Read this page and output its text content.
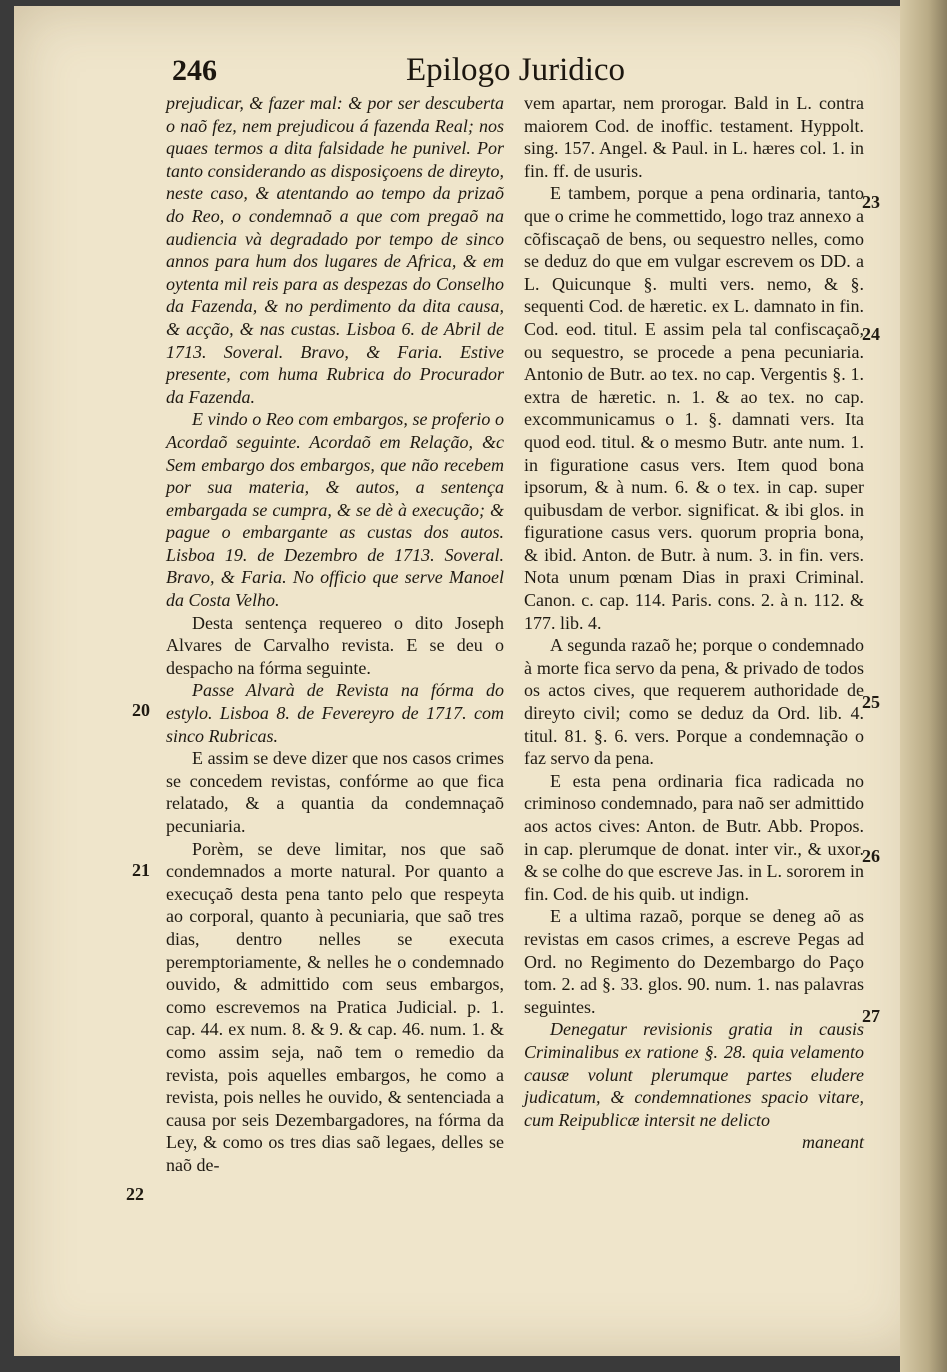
246	Epilogo Juridico

prejudicar, & fazer mal: & por ser descuberta o naõ fez, nem prejudicou á fazenda Real; nos quaes termos a dita falsidade he punivel. Por tanto considerando as disposiçoens de direyto, neste caso, & atentando ao tempo da prizaõ do Reo, o condemnaõ a que com pregaõ na audiencia và degradado por tempo de sinco annos para hum dos lugares de Africa, & em oytenta mil reis para as despezas do Conselho da Fazenda, & no perdimento da dita causa, & acção, & nas custas. Lisboa 6. de Abril de 1713. Soveral. Bravo, & Faria. Estive presente, com huma Rubrica do Procurador da Fazenda.

E vindo o Reo com embargos, se proferio o Acordaõ seguinte. Acordaõ em Relação, &c Sem embargo dos embargos, que não recebem por sua materia, & autos, a sentença embargada se cumpra, & se dè à execução; & pague o embargante as custas dos autos. Lisboa 19. de Dezembro de 1713. Soveral. Bravo, & Faria. No officio que serve Manoel da Costa Velho.

Desta sentença requereo o dito Joseph Alvares de Carvalho revista. E se deu o despacho na fórma seguinte.

Passe Alvarà de Revista na fórma do estylo. Lisboa 8. de Fevereyro de 1717. com sinco Rubricas.

E assim se deve dizer que nos casos crimes se concedem revistas, confórme ao que fica relatado, & a quantia da condemnaçaõ pecuniaria.

Porèm, se deve limitar, nos que saõ condemnados a morte natural. Por quanto a execuçaõ desta pena tanto pelo que respeyta ao corporal, quanto à pecuniaria, que saõ tres dias, dentro nelles se executa peremptoriamente, & nelles he o condemnado ouvido, & admittido com seus embargos, como escrevemos na Pratica Judicial. p. 1. cap. 44. ex num. 8. & 9. & cap. 46. num. 1. & como assim seja, naõ tem o remedio da revista, pois aquelles embargos, he como a revista, pois nelles he ouvido, & sentenciada a causa por seis Dezembargadores, na fórma da Ley, & como os tres dias saõ legaes, delles se naõ de-

vem apartar, nem prorogar. Bald in L. contra maiorem Cod. de inoffic. testament. Hyppolt. sing. 157. Angel. & Paul. in L. hæres col. 1. in fin. ff. de usuris.

E tambem, porque a pena ordinaria, tanto que o crime he commettido, logo traz annexo a cõfiscaçaõ de bens, ou sequestro nelles, como se deduz do que em vulgar escrevem os DD. a L. Quicunque §. multi vers. nemo, & §. sequenti Cod. de hæretic. ex L. damnato in fin. Cod. eod. titul. E assim pela tal confiscaçaõ, ou sequestro, se procede a pena pecuniaria. Antonio de Butr. ao tex. no cap. Vergentis §. 1. extra de hæretic. n. 1. & ao tex. no cap. excommunicamus o 1. §. damnati vers. Ita quod eod. titul. & o mesmo Butr. ante num. 1. in figuratione casus vers. Item quod bona ipsorum, & à num. 6. & o tex. in cap. super quibusdam de verbor. significat. & ibi glos. in figuratione casus vers. quorum propria bona, & ibid. Anton. de Butr. à num. 3. in fin. vers. Nota unum pœnam Dias in praxi Criminal. Canon. c. cap. 114. Paris. cons. 2. à n. 112. & 177. lib. 4.

A segunda razaõ he; porque o condemnado à morte fica servo da pena, & privado de todos os actos cives, que requerem authoridade de direyto civil; como se deduz da Ord. lib. 4. titul. 81. §. 6. vers. Porque a condemnação o faz servo da pena.

E esta pena ordinaria fica radicada no criminoso condemnado, para naõ ser admittido aos actos cives: Anton. de Butr. Abb. Propos. in cap. plerumque de donat. inter vir., & uxor. & se colhe do que escreve Jas. in L. sororem in fin. Cod. de his quib. ut indign.

E a ultima razaõ, porque se deneg aõ as revistas em casos crimes, a escreve Pegas ad Ord. no Regimento do Dezembargo do Paço tom. 2. ad §. 33. glos. 90. num. 1. nas palavras seguintes.

Denegatur revisionis gratia in causis Criminalibus ex ratione §. 28. quia velamento causæ volunt plerumque partes eludere judicatum, & condemnationes spacio vitare, cum Reipublicæ intersit ne delicto

maneant

20
21
22
23
24
25
26
27
